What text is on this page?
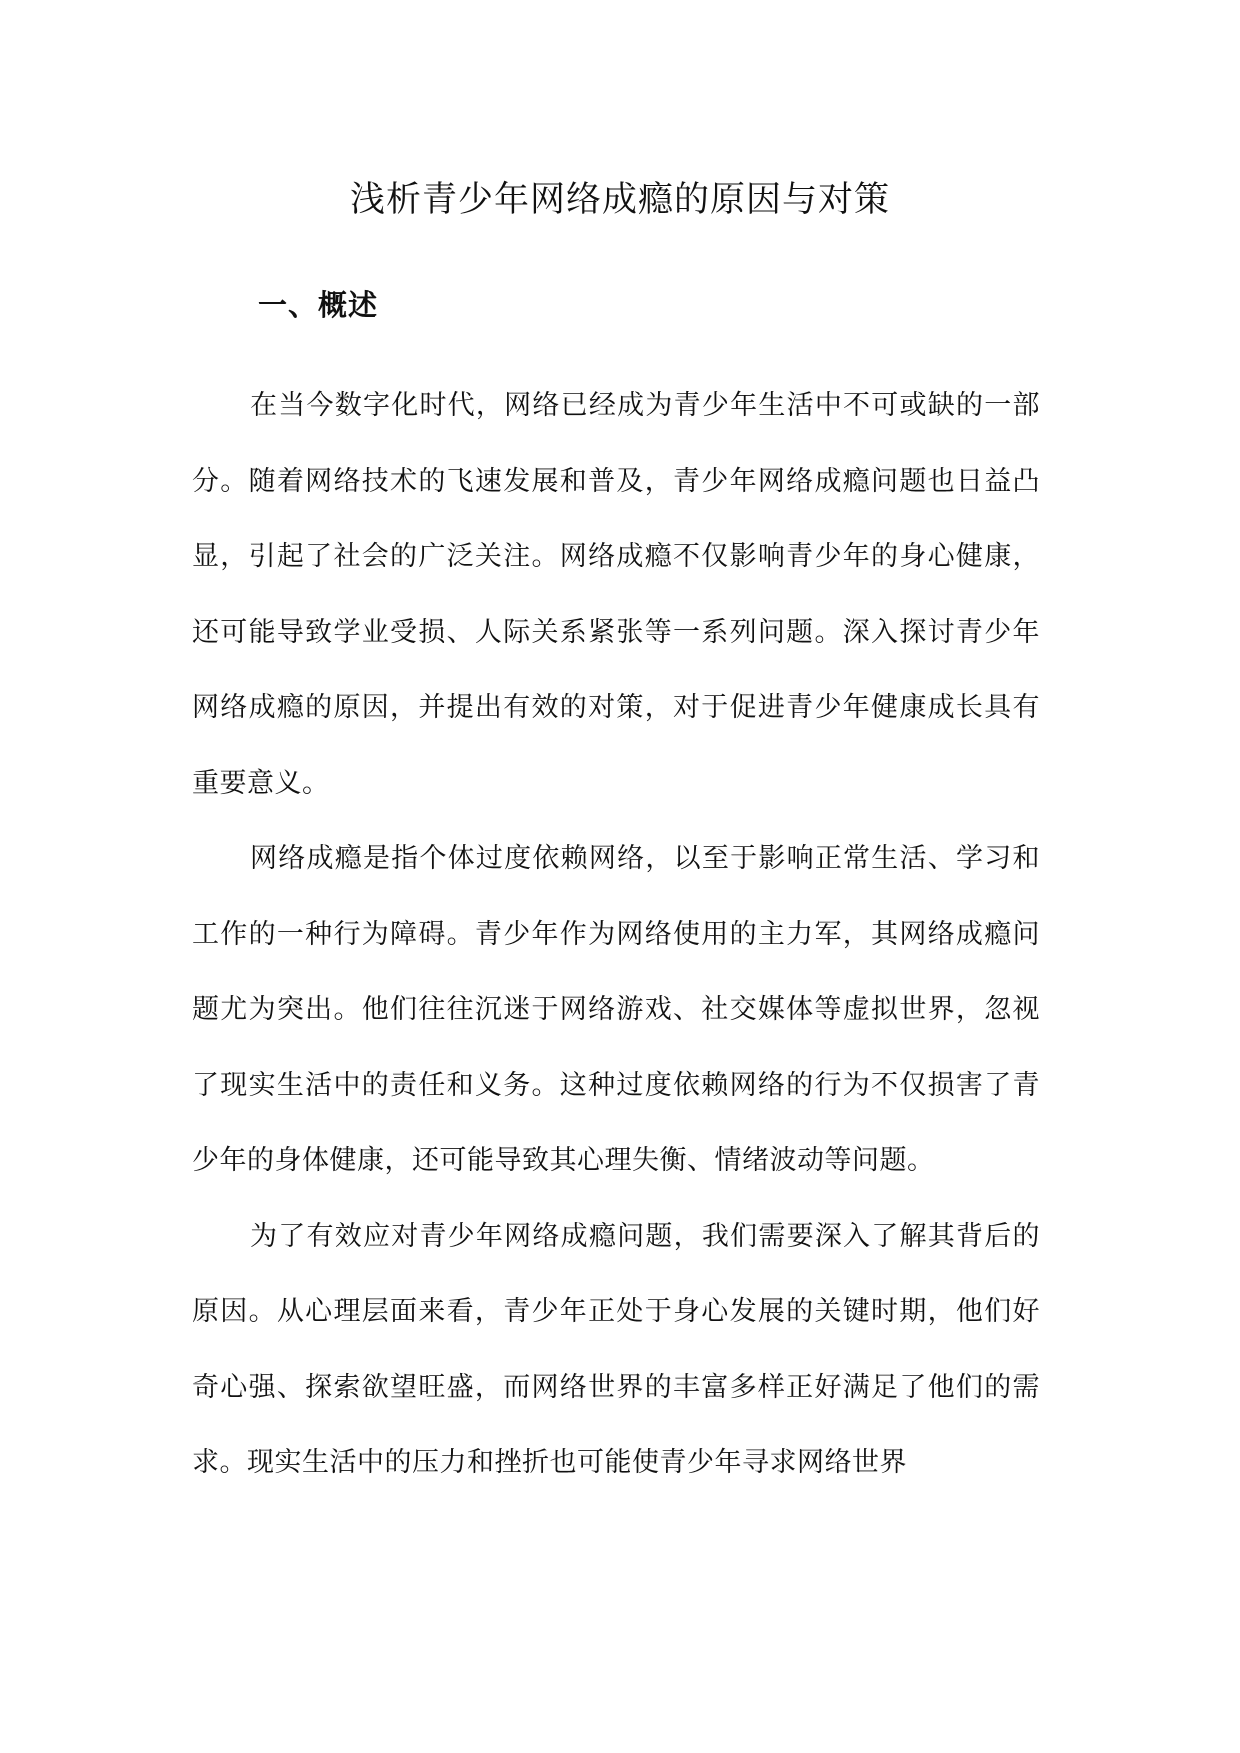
浅析青少年网络成瘾的原因与对策
一、概述

在当今数字化时代，网络已经成为青少年生活中不可或缺的一部分。随着网络技术的飞速发展和普及，青少年网络成瘾问题也日益凸显，引起了社会的广泛关注。网络成瘾不仅影响青少年的身心健康，还可能导致学业受损、人际关系紧张等一系列问题。深入探讨青少年网络成瘾的原因，并提出有效的对策，对于促进青少年健康成长具有重要意义。

网络成瘾是指个体过度依赖网络，以至于影响正常生活、学习和工作的一种行为障碍。青少年作为网络使用的主力军，其网络成瘾问题尤为突出。他们往往沉迷于网络游戏、社交媒体等虚拟世界，忽视了现实生活中的责任和义务。这种过度依赖网络的行为不仅损害了青少年的身体健康，还可能导致其心理失衡、情绪波动等问题。

为了有效应对青少年网络成瘾问题，我们需要深入了解其背后的原因。从心理层面来看，青少年正处于身心发展的关键时期，他们好奇心强、探索欲望旺盛，而网络世界的丰富多样正好满足了他们的需求。现实生活中的压力和挫折也可能使青少年寻求网络世界
